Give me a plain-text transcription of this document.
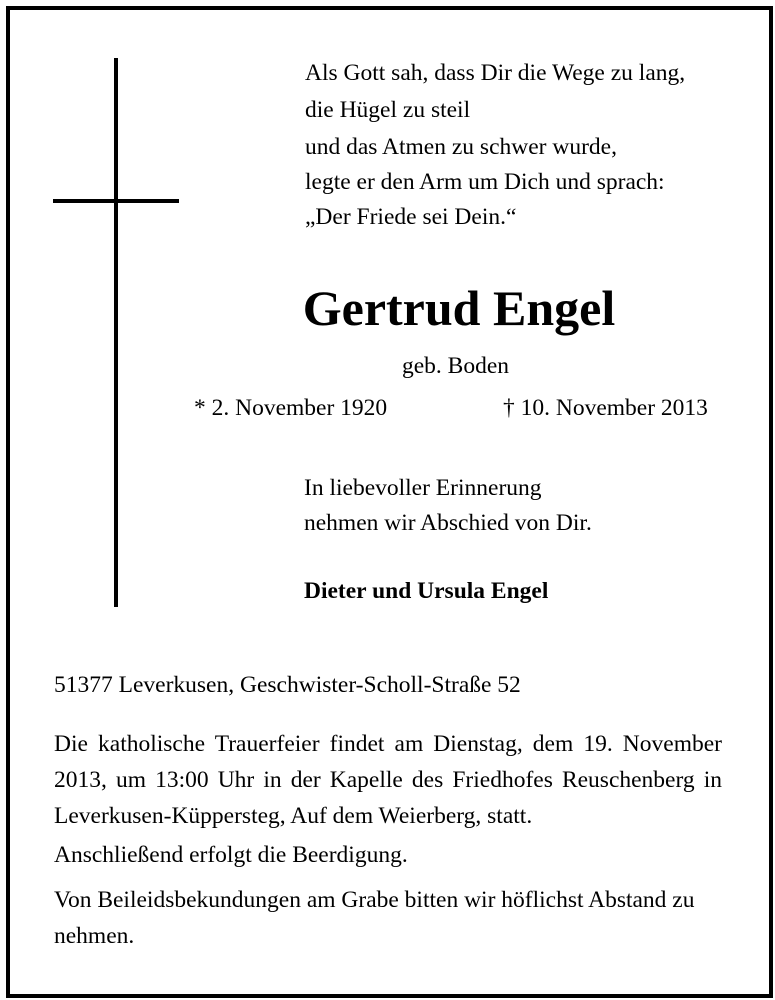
Als Gott sah, dass Dir die Wege zu lang,
die Hügel zu steil
und das Atmen zu schwer wurde,
legte er den Arm um Dich und sprach:
„Der Friede sei Dein.“
Gertrud Engel
geb. Boden
* 2. November 1920	† 10. November 2013
In liebevoller Erinnerung
nehmen wir Abschied von Dir.
Dieter und Ursula Engel
51377 Leverkusen, Geschwister-Scholl-Straße 52
Die katholische Trauerfeier findet am Dienstag, dem 19. November 2013, um 13:00 Uhr in der Kapelle des Friedhofes Reuschenberg in Leverkusen-Küppersteg, Auf dem Weierberg, statt.
Anschließend erfolgt die Beerdigung.
Von Beileidsbekundungen am Grabe bitten wir höflichst Abstand zu nehmen.
